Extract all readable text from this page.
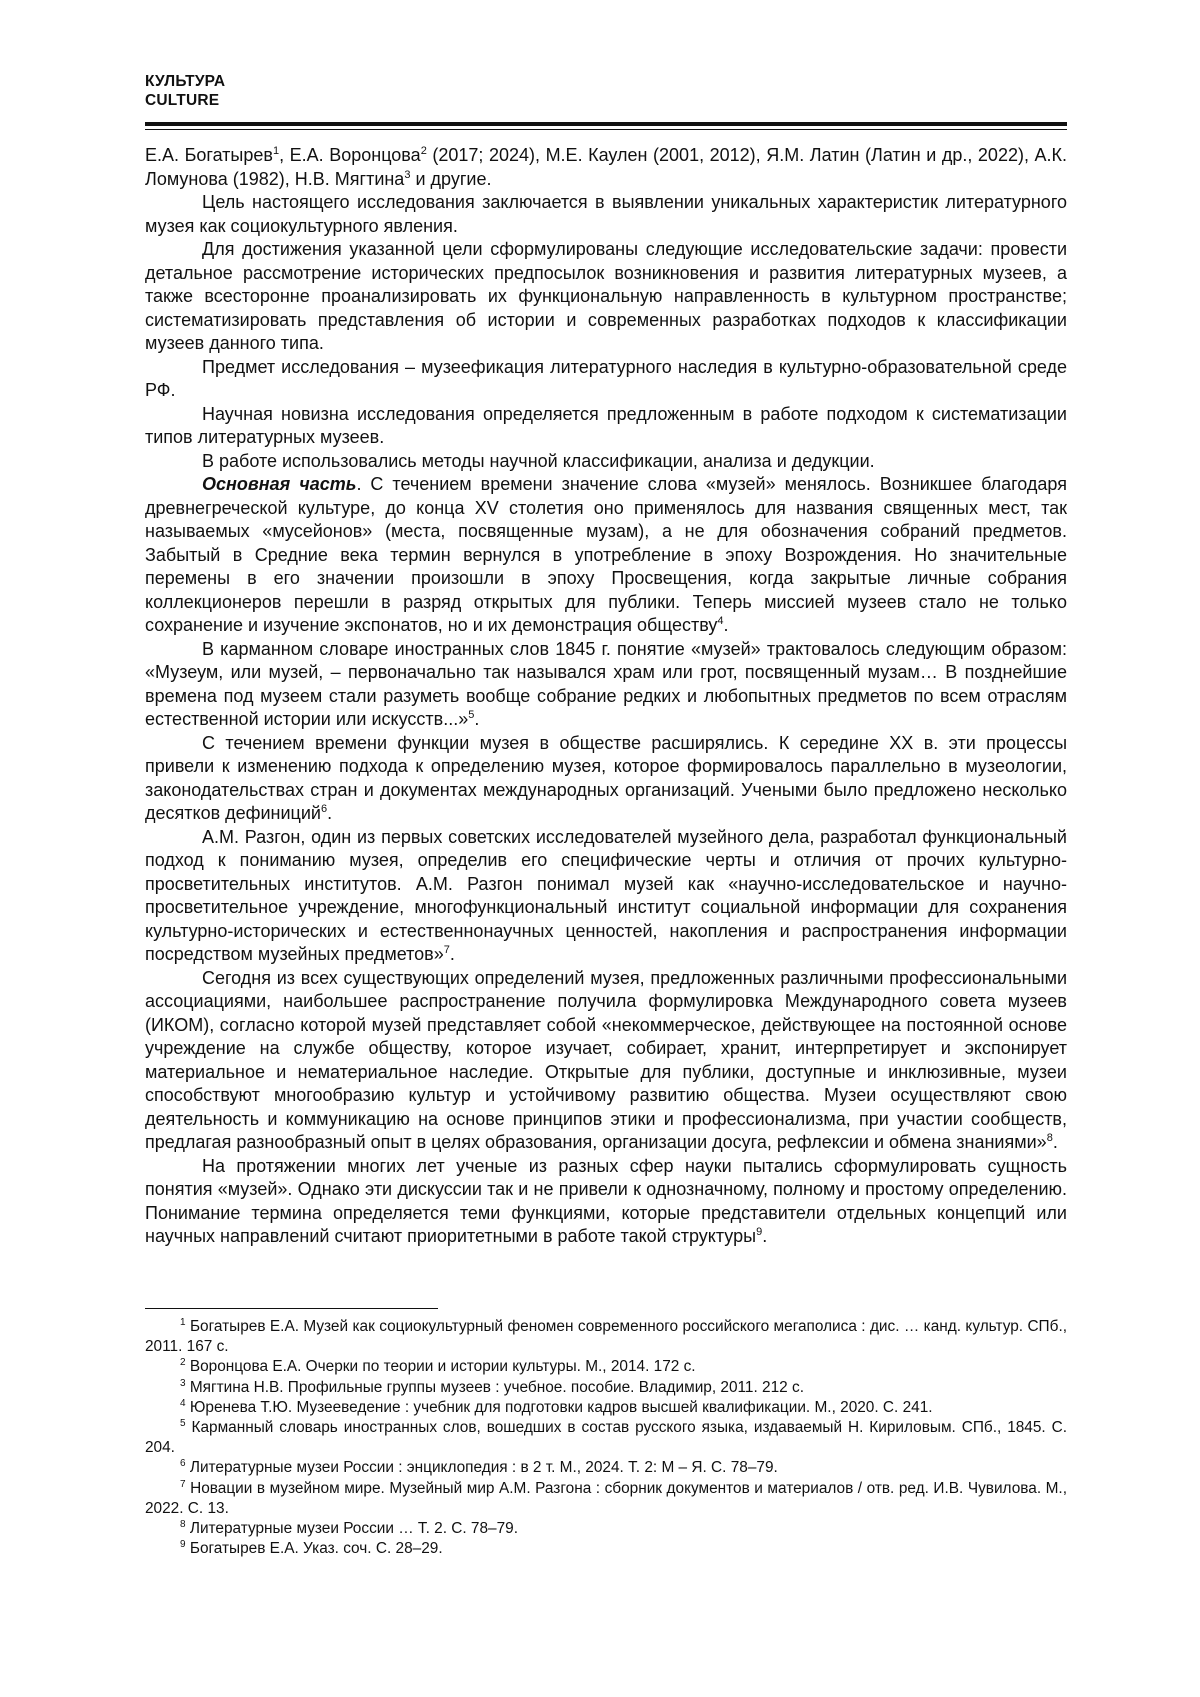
КУЛЬТУРА
CULTURE

Е.А. Богатырев$^1$, Е.А. Воронцова$^2$ (2017; 2024), М.Е. Каулен (2001, 2012), Я.М. Латин (Латин и др., 2022), А.К. Ломунова (1982), Н.В. Мягтина$^3$ и другие.

Цель настоящего исследования заключается в выявлении уникальных характеристик литературного музея как социокультурного явления.

Для достижения указанной цели сформулированы следующие исследовательские задачи: провести детальное рассмотрение исторических предпосылок возникновения и развития литературных музеев, а также всесторонне проанализировать их функциональную направленность в культурном пространстве; систематизировать представления об истории и современных разработках подходов к классификации музеев данного типа.

Предмет исследования – музеефикация литературного наследия в культурно-образовательной среде РФ.

Научная новизна исследования определяется предложенным в работе подходом к систематизации типов литературных музеев.

В работе использовались методы научной классификации, анализа и дедукции.

Основная часть. С течением времени значение слова «музей» менялось. Возникшее благодаря древнегреческой культуре, до конца XV столетия оно применялось для названия священных мест, так называемых «мусейонов» (места, посвященные музам), а не для обозначения собраний предметов. Забытый в Средние века термин вернулся в употребление в эпоху Возрождения. Но значительные перемены в его значении произошли в эпоху Просвещения, когда закрытые личные собрания коллекционеров перешли в разряд открытых для публики. Теперь миссией музеев стало не только сохранение и изучение экспонатов, но и их демонстрация обществу$^4$.

В карманном словаре иностранных слов 1845 г. понятие «музей» трактовалось следующим образом: «Музеум, или музей, – первоначально так назывался храм или грот, посвященный музам… В позднейшие времена под музеем стали разуметь вообще собрание редких и любопытных предметов по всем отраслям естественной истории или искусств...»$^5$.

С течением времени функции музея в обществе расширялись. К середине XX в. эти процессы привели к изменению подхода к определению музея, которое формировалось параллельно в музеологии, законодательствах стран и документах международных организаций. Учеными было предложено несколько десятков дефиниций$^6$.

А.М. Разгон, один из первых советских исследователей музейного дела, разработал функциональный подход к пониманию музея, определив его специфические черты и отличия от прочих культурно-просветительных институтов. А.М. Разгон понимал музей как «научно-исследовательское и научно-просветительное учреждение, многофункциональный институт социальной информации для сохранения культурно-исторических и естественнонаучных ценностей, накопления и распространения информации посредством музейных предметов»$^7$.

Сегодня из всех существующих определений музея, предложенных различными профессиональными ассоциациями, наибольшее распространение получила формулировка Международного совета музеев (ИКОМ), согласно которой музей представляет собой «некоммерческое, действующее на постоянной основе учреждение на службе обществу, которое изучает, собирает, хранит, интерпретирует и экспонирует материальное и нематериальное наследие. Открытые для публики, доступные и инклюзивные, музеи способствуют многообразию культур и устойчивому развитию общества. Музеи осуществляют свою деятельность и коммуникацию на основе принципов этики и профессионализма, при участии сообществ, предлагая разнообразный опыт в целях образования, организации досуга, рефлексии и обмена знаниями»$^8$.

На протяжении многих лет ученые из разных сфер науки пытались сформулировать сущность понятия «музей». Однако эти дискуссии так и не привели к однозначному, полному и простому определению. Понимание термина определяется теми функциями, которые представители отдельных концепций или научных направлений считают приоритетными в работе такой структуры$^9$.

$^1$ Богатырев Е.А. Музей как социокультурный феномен современного российского мегаполиса : дис. … канд. культур. СПб., 2011. 167 с.

$^2$ Воронцова Е.А. Очерки по теории и истории культуры. М., 2014. 172 с.

$^3$ Мягтина Н.В. Профильные группы музеев : учебное. пособие. Владимир, 2011. 212 с.

$^4$ Юренева Т.Ю. Музееведение : учебник для подготовки кадров высшей квалификации. М., 2020. С. 241.

$^5$ Карманный словарь иностранных слов, вошедших в состав русского языка, издаваемый Н. Кириловым. СПб., 1845. С. 204.

$^6$ Литературные музеи России : энциклопедия : в 2 т. М., 2024. Т. 2: М – Я. С. 78–79.

$^7$ Новации в музейном мире. Музейный мир А.М. Разгона : сборник документов и материалов / отв. ред. И.В. Чувилова. М., 2022. С. 13.

$^8$ Литературные музеи России … Т. 2. С. 78–79.

$^9$ Богатырев Е.А. Указ. соч. С. 28–29.
